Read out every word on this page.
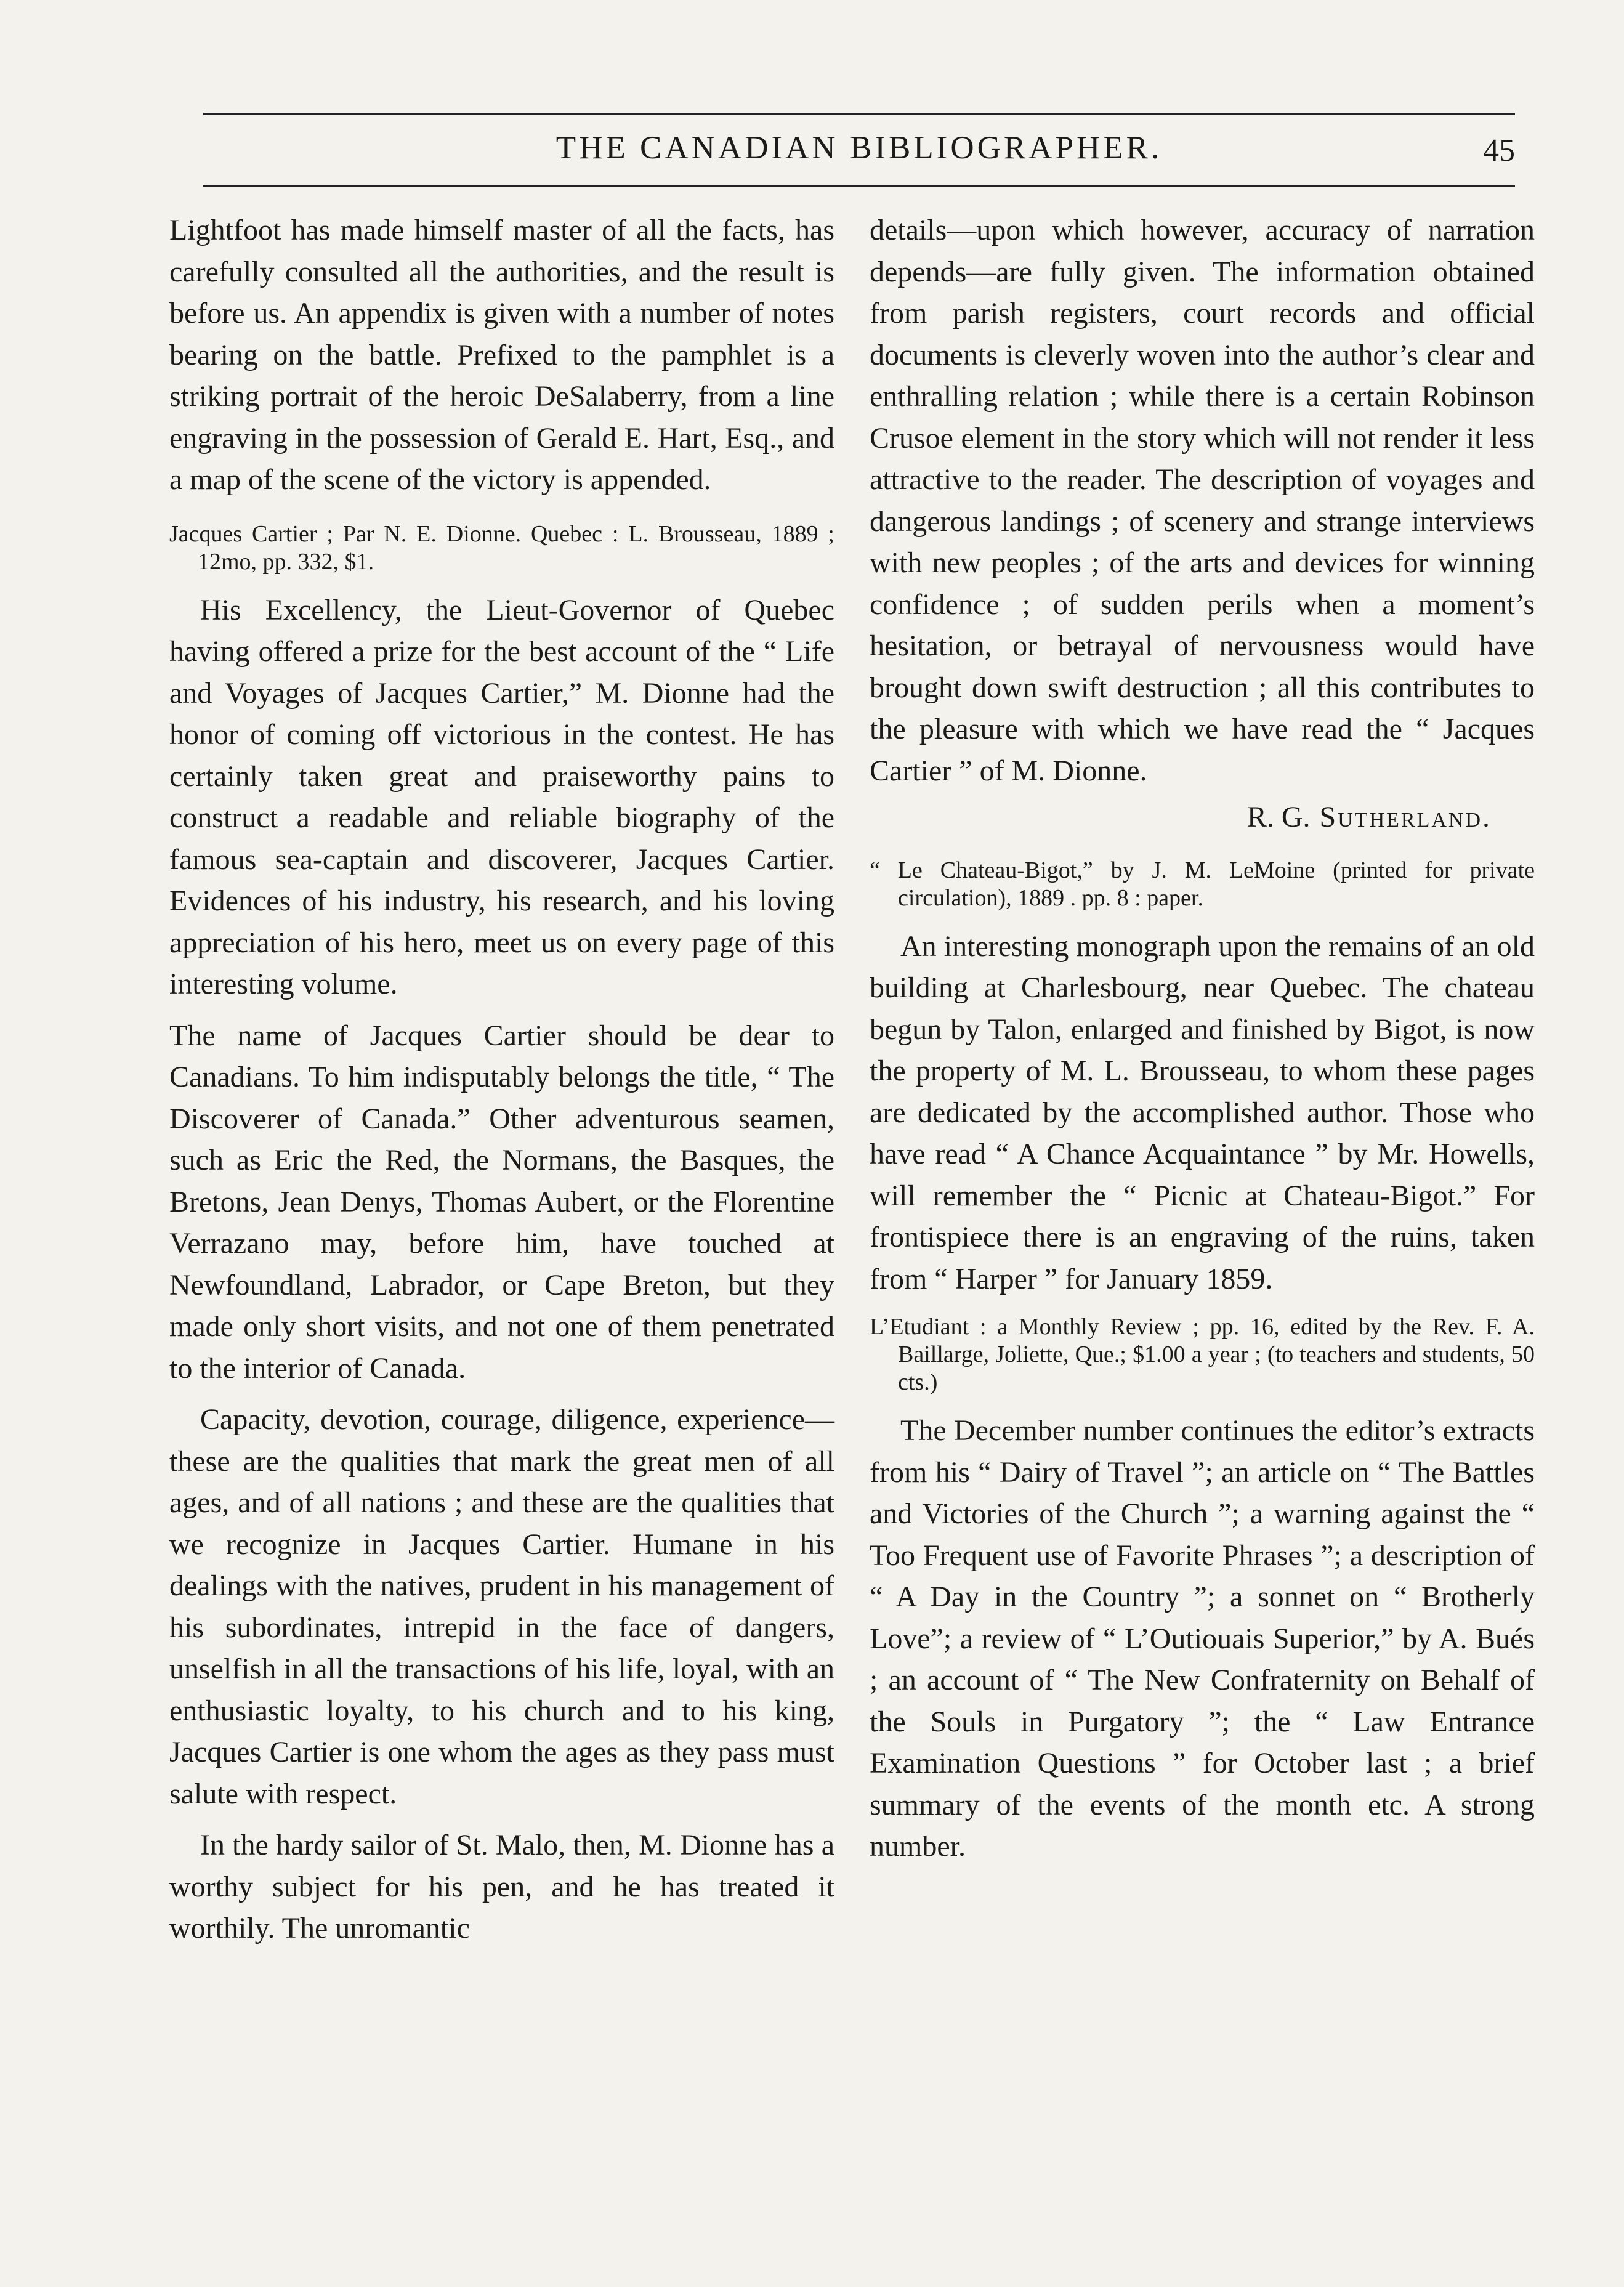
THE CANADIAN BIBLIOGRAPHER.	45

Lightfoot has made himself master of all the facts, has carefully consulted all the authorities, and the result is before us. An appendix is given with a number of notes bearing on the battle. Prefixed to the pamphlet is a striking portrait of the heroic DeSalaberry, from a line engraving in the possession of Gerald E. Hart, Esq., and a map of the scene of the victory is appended.

Jacques Cartier ; Par N. E. Dionne. Quebec : L. Brousseau, 1889 ; 12mo, pp. 332, $1.

His Excellency, the Lieut-Governor of Quebec having offered a prize for the best account of the “ Life and Voyages of Jacques Cartier,” M. Dionne had the honor of coming off victorious in the contest. He has certainly taken great and praiseworthy pains to construct a readable and reliable biography of the famous sea-captain and discoverer, Jacques Cartier. Evidences of his industry, his research, and his loving appreciation of his hero, meet us on every page of this interesting volume.

The name of Jacques Cartier should be dear to Canadians. To him indisputably belongs the title, “ The Discoverer of Canada.” Other adventurous seamen, such as Eric the Red, the Normans, the Basques, the Bretons, Jean Denys, Thomas Aubert, or the Florentine Verrazano may, before him, have touched at Newfoundland, Labrador, or Cape Breton, but they made only short visits, and not one of them penetrated to the interior of Canada.

Capacity, devotion, courage, diligence, experience—these are the qualities that mark the great men of all ages, and of all nations ; and these are the qualities that we recognize in Jacques Cartier. Humane in his dealings with the natives, prudent in his management of his subordinates, intrepid in the face of dangers, unselfish in all the transactions of his life, loyal, with an enthusiastic loyalty, to his church and to his king, Jacques Cartier is one whom the ages as they pass must salute with respect.

In the hardy sailor of St. Malo, then, M. Dionne has a worthy subject for his pen, and he has treated it worthily. The unromantic

details—upon which however, accuracy of narration depends—are fully given. The information obtained from parish registers, court records and official documents is cleverly woven into the author’s clear and enthralling relation ; while there is a certain Robinson Crusoe element in the story which will not render it less attractive to the reader. The description of voyages and dangerous landings ; of scenery and strange interviews with new peoples ; of the arts and devices for winning confidence ; of sudden perils when a moment’s hesitation, or betrayal of nervousness would have brought down swift destruction ; all this contributes to the pleasure with which we have read the “ Jacques Cartier ” of M. Dionne.

R. G. Sutherland.
“ Le Chateau-Bigot,” by J. M. LeMoine (printed for private circulation), 1889 . pp. 8 : paper.

An interesting monograph upon the remains of an old building at Charlesbourg, near Quebec. The chateau begun by Talon, enlarged and finished by Bigot, is now the property of M. L. Brousseau, to whom these pages are dedicated by the accomplished author. Those who have read “ A Chance Acquaintance ” by Mr. Howells, will remember the “ Picnic at Chateau-Bigot.” For frontispiece there is an engraving of the ruins, taken from “ Harper ” for January 1859.

L’Etudiant : a Monthly Review ; pp. 16, edited by the Rev. F. A. Baillarge, Joliette, Que.; $1.00 a year ; (to teachers and students, 50 cts.)

The December number continues the editor’s extracts from his “ Dairy of Travel ”; an article on “ The Battles and Victories of the Church ”; a warning against the “ Too Frequent use of Favorite Phrases ”; a description of “ A Day in the Country ”; a sonnet on “ Brotherly Love”; a review of “ L’Outiouais Superior,” by A. Bués ; an account of “ The New Confraternity on Behalf of the Souls in Purgatory ”; the “ Law Entrance Examination Questions ” for October last ; a brief summary of the events of the month etc. A strong number.
